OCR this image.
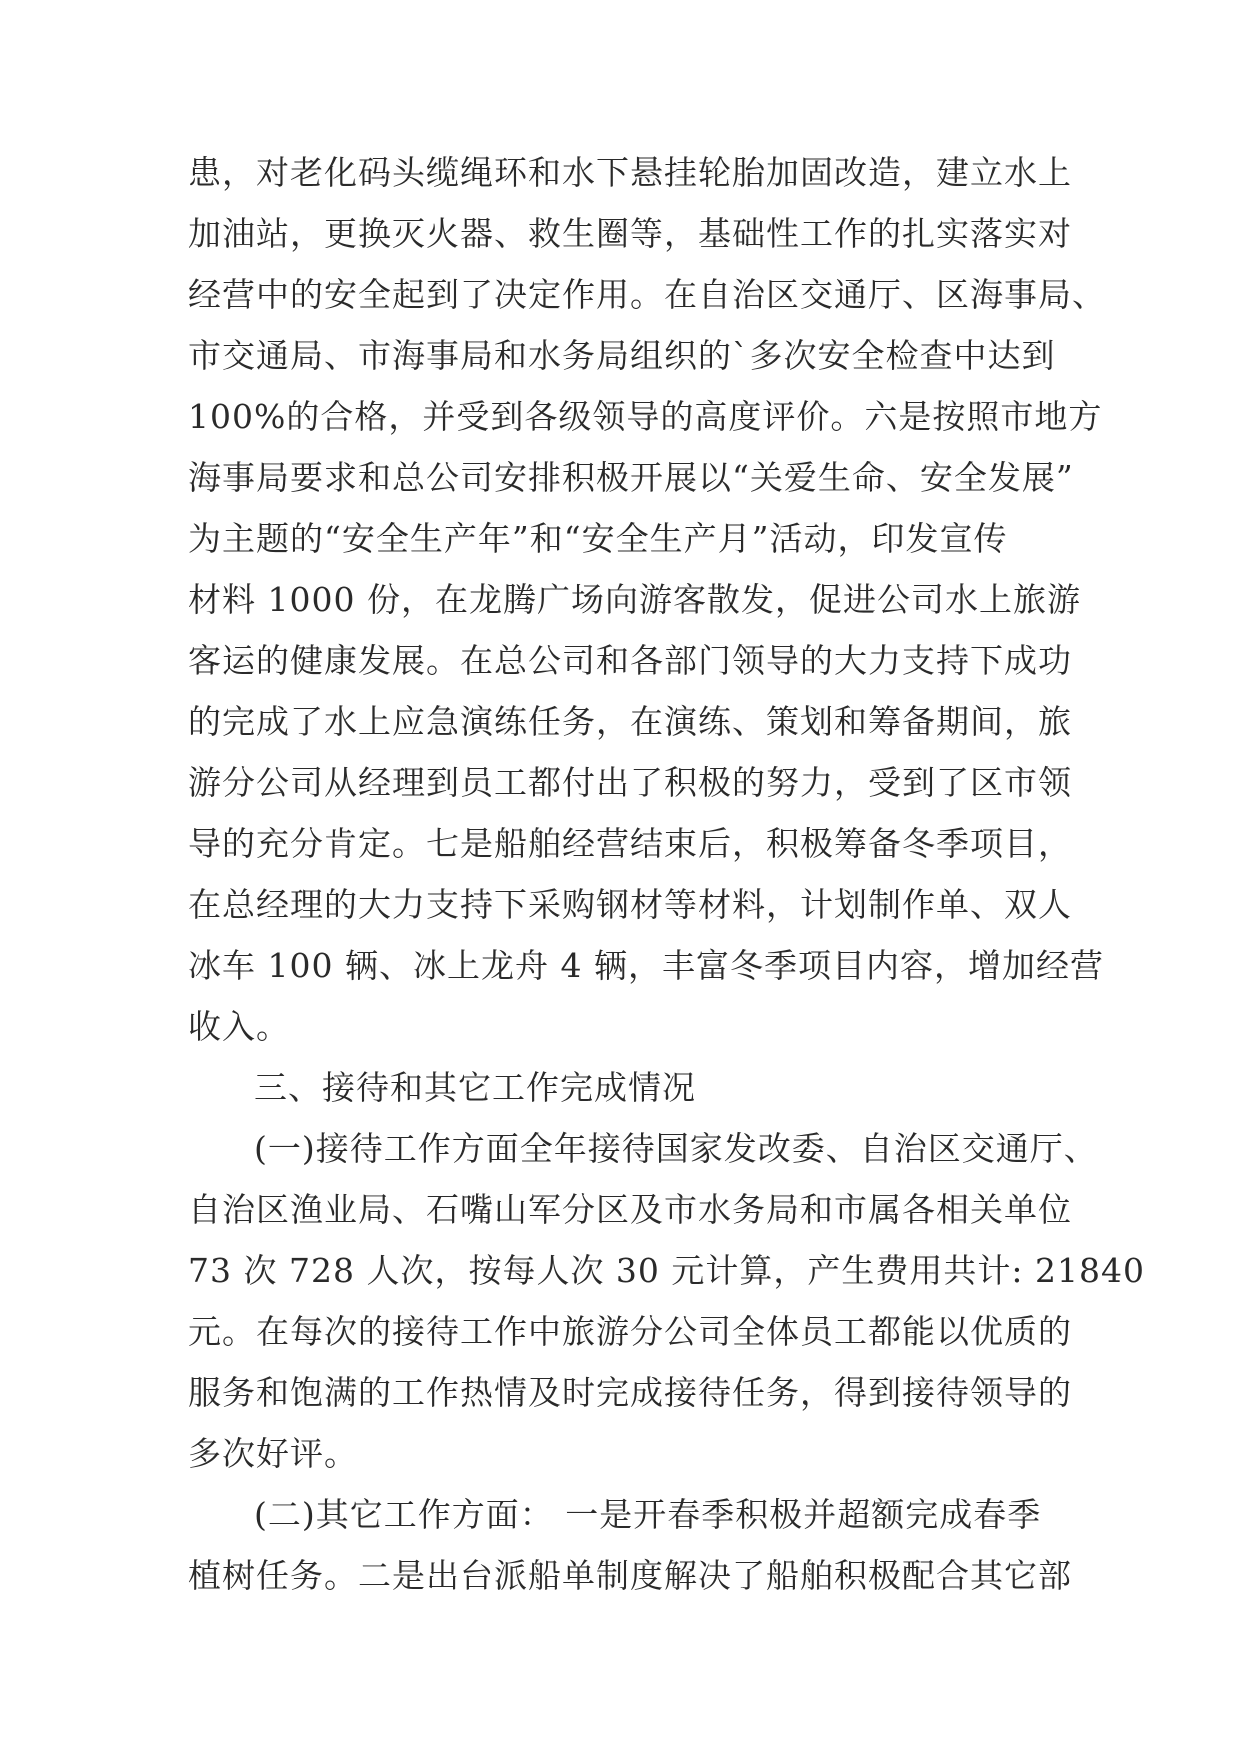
患，对老化码头缆绳环和水下悬挂轮胎加固改造，建立水上
加油站，更换灭火器、救生圈等，基础性工作的扎实落实对
经营中的安全起到了决定作用。在自治区交通厅、区海事局、
市交通局、市海事局和水务局组织的`多次安全检查中达到
100%的合格，并受到各级领导的高度评价。六是按照市地方
海事局要求和总公司安排积极开展以“关爱生命、安全发展”
为主题的“安全生产年”和“安全生产月”活动，印发宣传
材料 1000 份，在龙腾广场向游客散发，促进公司水上旅游
客运的健康发展。在总公司和各部门领导的大力支持下成功
的完成了水上应急演练任务，在演练、策划和筹备期间，旅
游分公司从经理到员工都付出了积极的努力，受到了区市领
导的充分肯定。七是船舶经营结束后，积极筹备冬季项目，
在总经理的大力支持下采购钢材等材料，计划制作单、双人
冰车 100 辆、冰上龙舟 4 辆，丰富冬季项目内容，增加经营
收入。
三、接待和其它工作完成情况
(一)接待工作方面全年接待国家发改委、自治区交通厅、
自治区渔业局、石嘴山军分区及市水务局和市属各相关单位
73 次 728 人次，按每人次 30 元计算，产生费用共计: 21840
元。在每次的接待工作中旅游分公司全体员工都能以优质的
服务和饱满的工作热情及时完成接待任务，得到接待领导的
多次好评。
(二)其它工作方面： 一是开春季积极并超额完成春季
植树任务。二是出台派船单制度解决了船舶积极配合其它部
